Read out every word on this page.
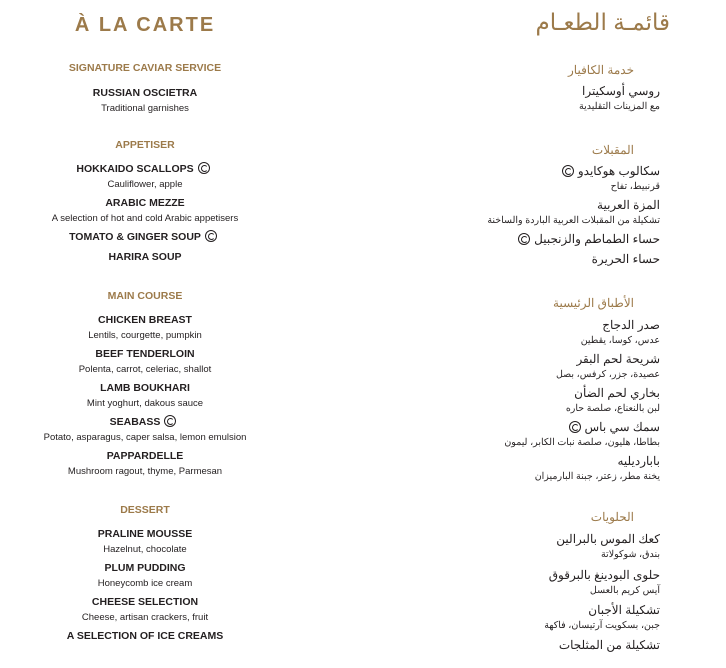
À LA CARTE	قائمـة الطعـام
SIGNATURE CAVIAR SERVICE
RUSSIAN OSCIETRA
Traditional garnishes
APPETISER
HOKKAIDO SCALLOPS
Cauliflower, apple
ARABIC MEZZE
A selection of hot and cold Arabic appetisers
TOMATO & GINGER SOUP
HARIRA SOUP
MAIN COURSE
CHICKEN BREAST
Lentils, courgette, pumpkin
BEEF TENDERLOIN
Polenta, carrot, celeriac, shallot
LAMB BOUKHARI
Mint yoghurt, dakous sauce
SEABASS
Potato, asparagus, caper salsa, lemon emulsion
PAPPARDELLE
Mushroom ragout, thyme, Parmesan
DESSERT
PRALINE MOUSSE
Hazelnut, chocolate
PLUM PUDDING
Honeycomb ice cream
CHEESE SELECTION
Cheese, artisan crackers, fruit
A SELECTION OF ICE CREAMS
خدمة الكافيار
روسي أوسكيترا
مع المزينات التقليدية
المقبلات
سكالوب هوكايدو
قرنبيط، تفاح
المزة العربية
تشكيلة من المقبلات العربية الباردة والساخنة
حساء الطماطم والزنجبيل
حساء الحريرة
الأطباق الرئيسية
صدر الدجاج
عدس، كوسا، يقطين
شريحة لحم البقر
عصيدة، جزر، كرفس، بصل
بخاري لحم الضأن
لبن بالنعناع، صلصة حاره
سمك سي باس
بطاطا، هليون، صلصة نبات الكابر، ليمون
باباردیلیه
يخنة مطر، زعتر، جبنة البارميزان
الحلويات
كعك الموس بالبرالين
بندق، شوكولاتة
حلوى البودينغ بالبرقوق
آيس كريم بالعسل
تشكيلة الأجبان
جبن، بسكويت آرتيسان، فاكهة
تشكيلة من المثلجات
